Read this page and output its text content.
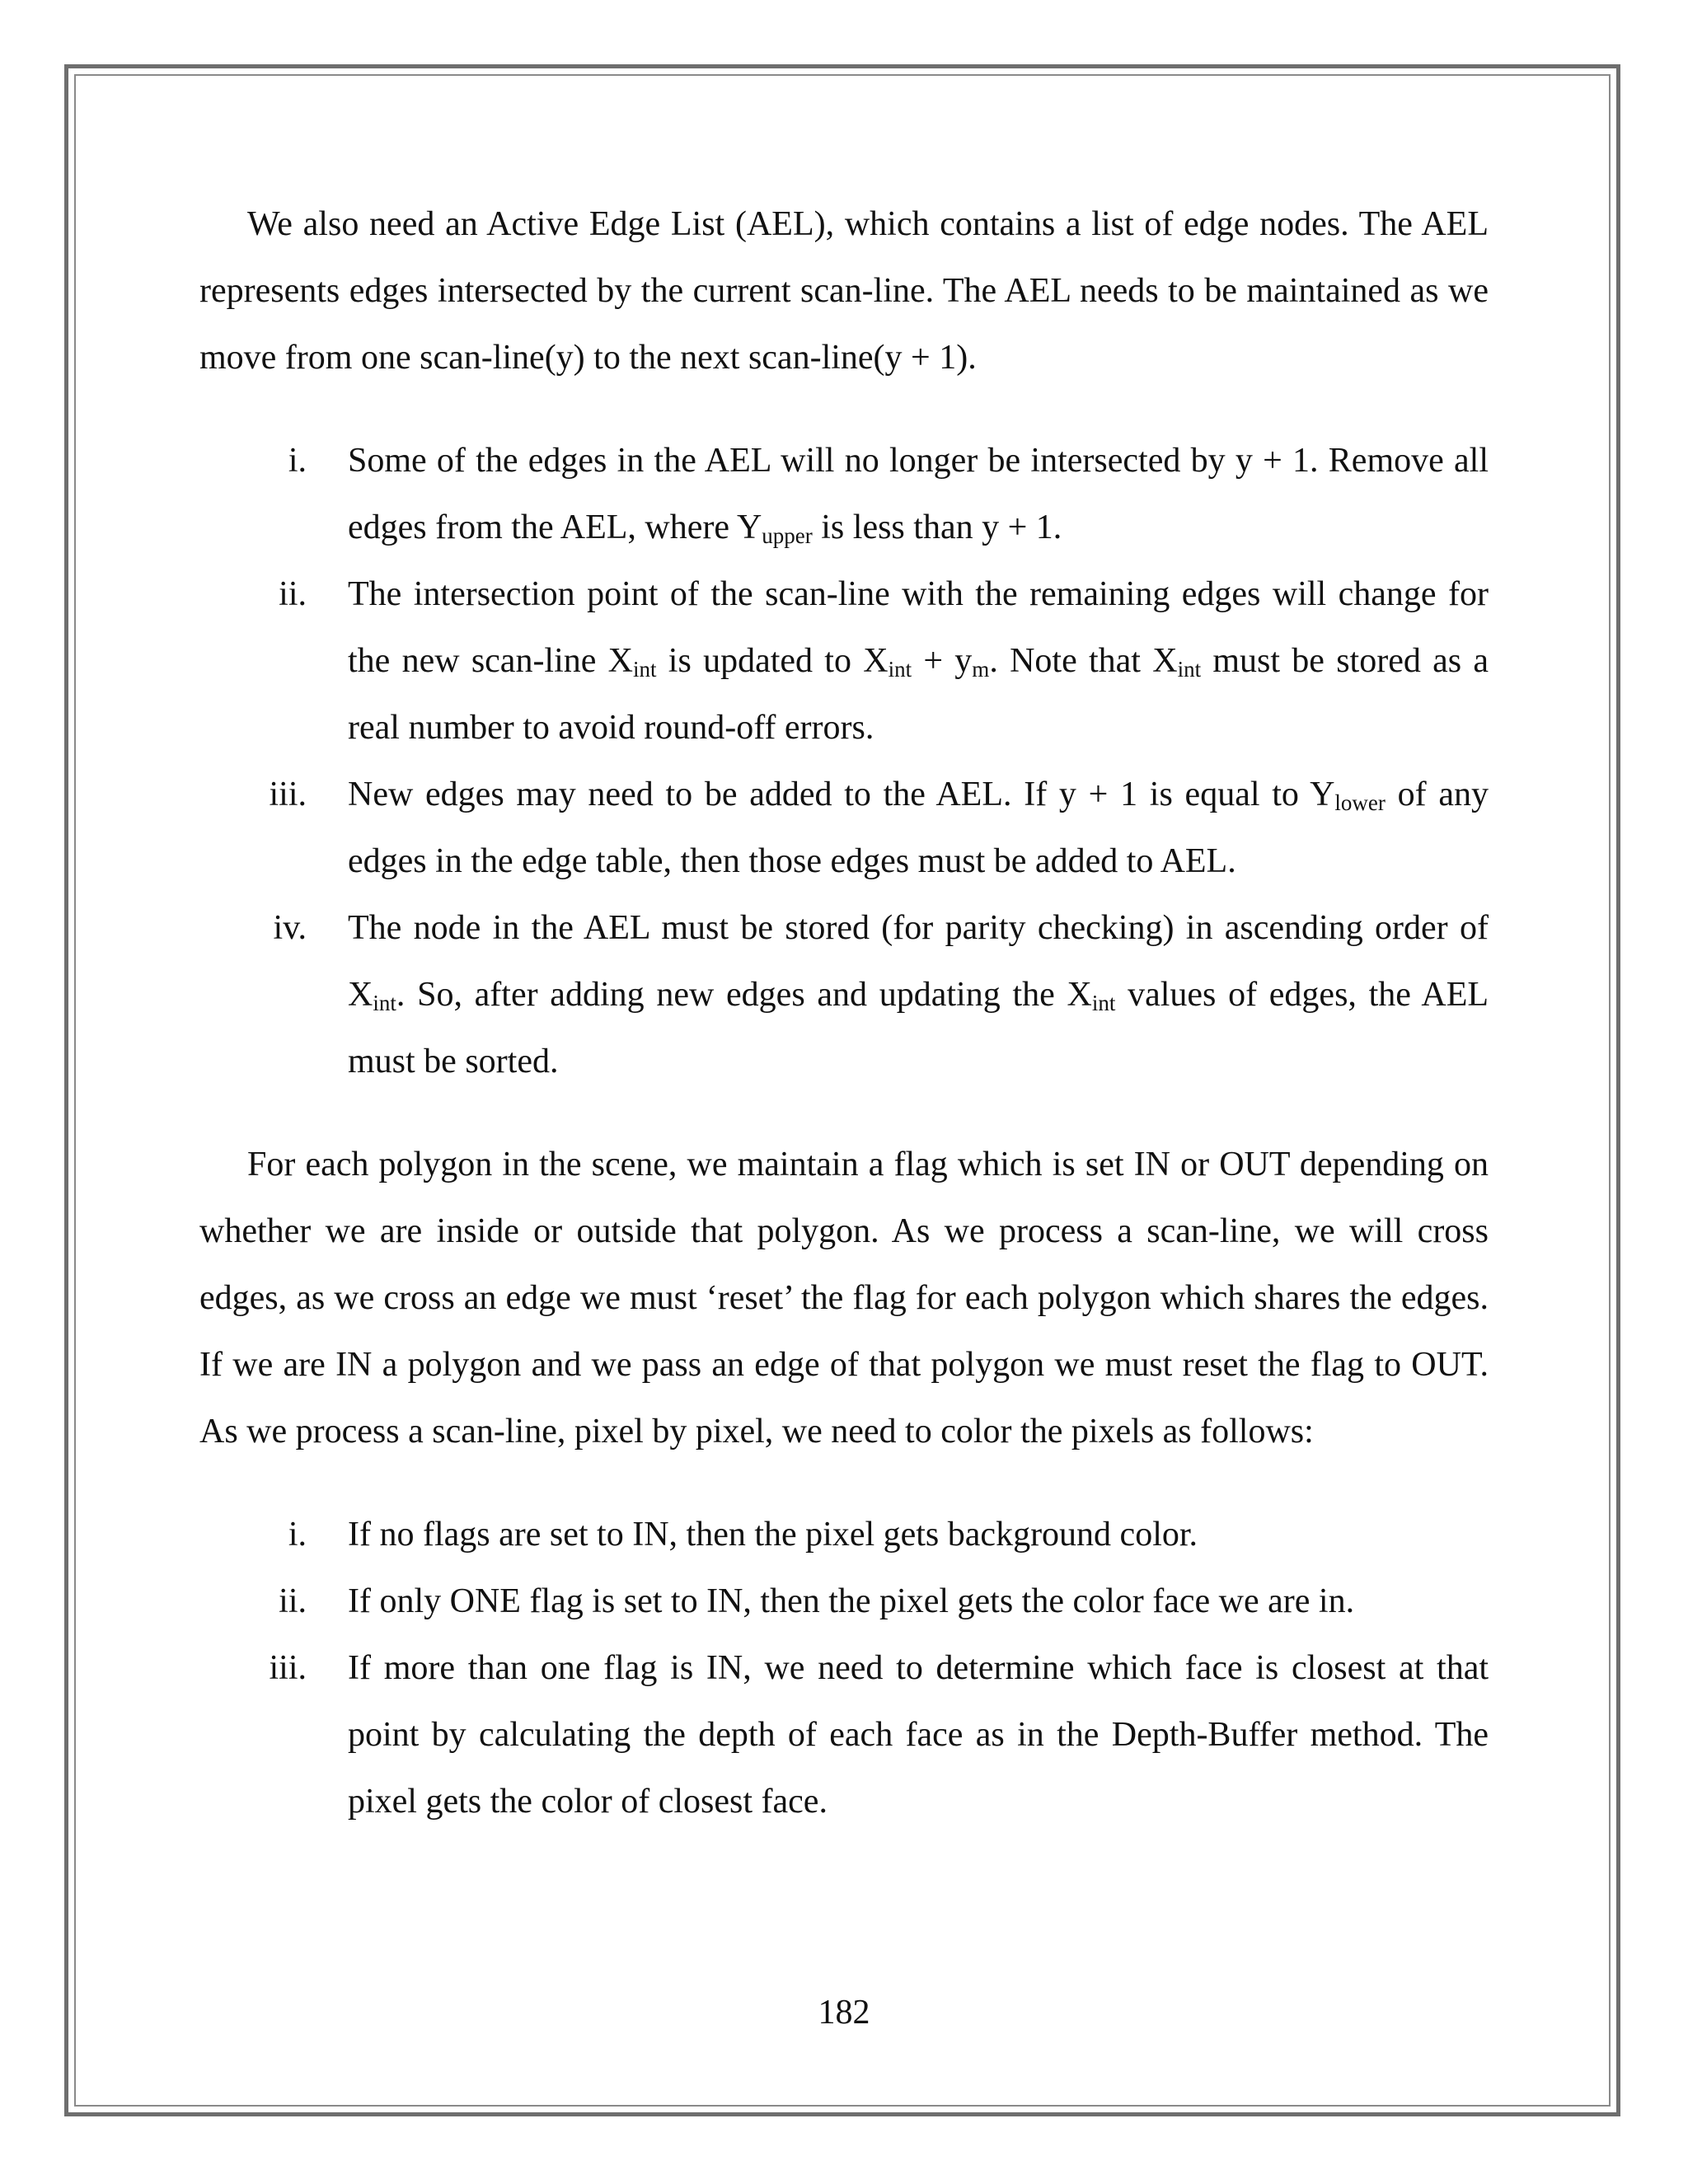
We also need an Active Edge List (AEL), which contains a list of edge nodes. The AEL represents edges intersected by the current scan-line. The AEL needs to be maintained as we move from one scan-line(y) to the next scan-line(y + 1).

i. Some of the edges in the AEL will no longer be intersected by y + 1. Remove all edges from the AEL, where $Y_{upper}$ is less than y + 1.
ii. The intersection point of the scan-line with the remaining edges will change for the new scan-line $X_{int}$ is updated to $X_{int} + y_m$. Note that $X_{int}$ must be stored as a real number to avoid round-off errors.
iii. New edges may need to be added to the AEL. If y + 1 is equal to $Y_{lower}$ of any edges in the edge table, then those edges must be added to AEL.
iv. The node in the AEL must be stored (for parity checking) in ascending order of $X_{int}$. So, after adding new edges and updating the $X_{int}$ values of edges, the AEL must be sorted.

For each polygon in the scene, we maintain a flag which is set IN or OUT depending on whether we are inside or outside that polygon. As we process a scan-line, we will cross edges, as we cross an edge we must ‘reset’ the flag for each polygon which shares the edges. If we are IN a polygon and we pass an edge of that polygon we must reset the flag to OUT. As we process a scan-line, pixel by pixel, we need to color the pixels as follows:

i. If no flags are set to IN, then the pixel gets background color.
ii. If only ONE flag is set to IN, then the pixel gets the color face we are in.
iii. If more than one flag is IN, we need to determine which face is closest at that point by calculating the depth of each face as in the Depth-Buffer method. The pixel gets the color of closest face.
182
